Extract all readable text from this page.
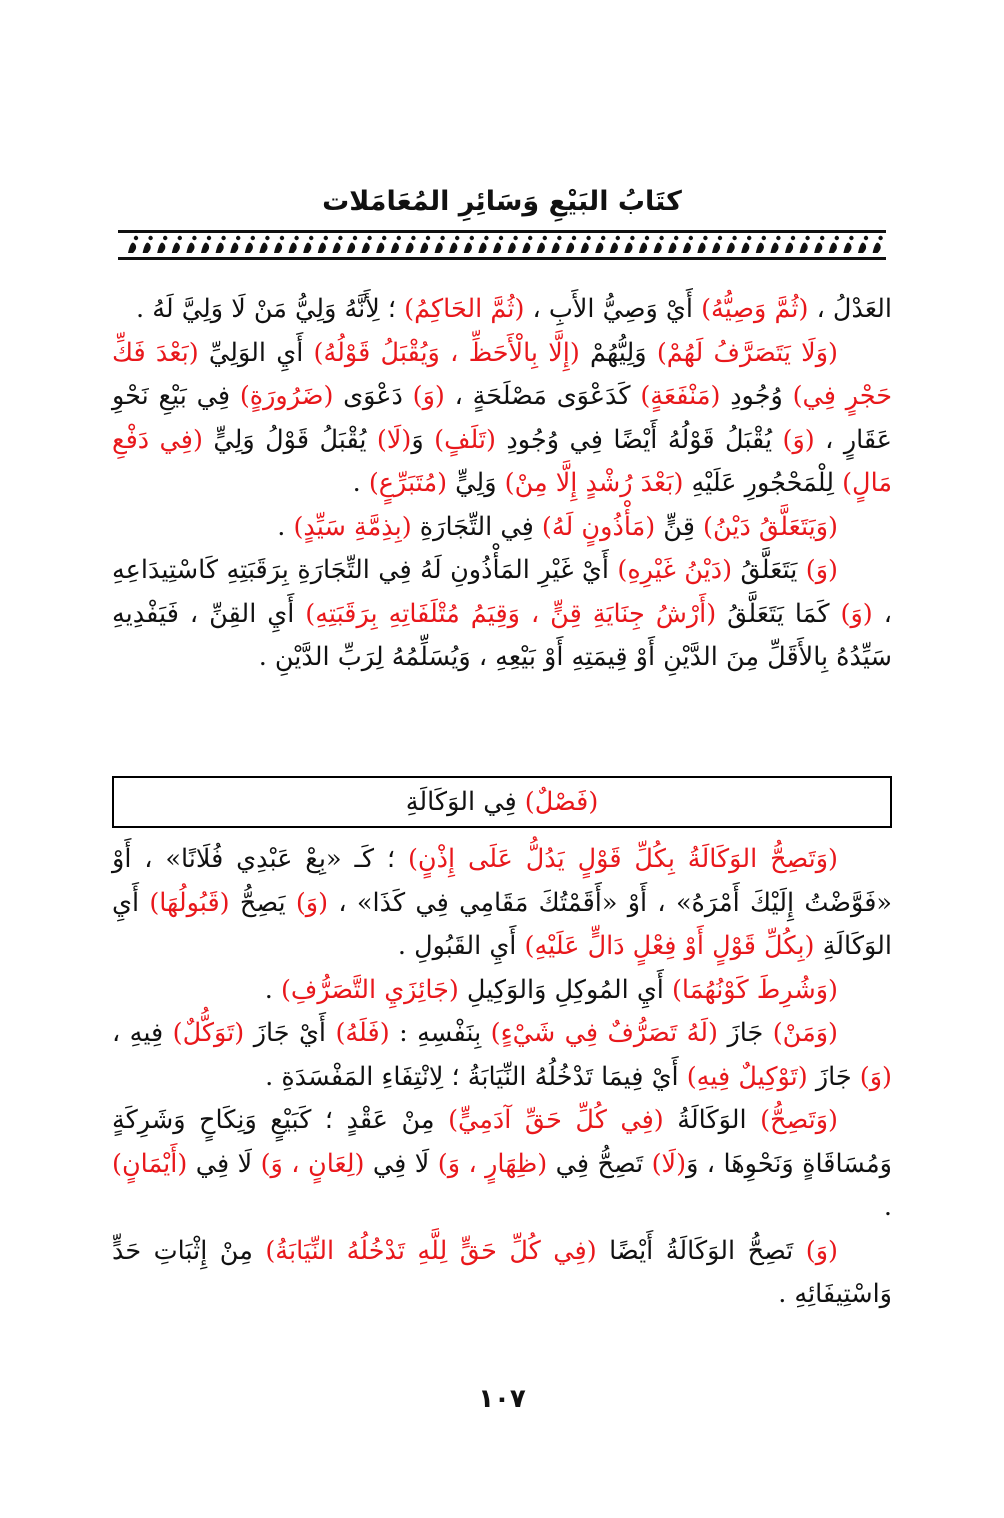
كتَابُ البَيْعِ وَسَائِرِ المُعَامَلات

العَدْلُ ، (ثُمَّ وَصِيُّهُ) أَيْ وَصِيُّ الأَبِ ، (ثُمَّ الحَاكِمُ) ؛ لِأَنَّهُ وَلِيُّ مَنْ لَا وَلِيَّ لَهُ .

(وَلَا يَتَصَرَّفُ لَهُمْ) وَلِيُّهُمْ (إِلَّا بِالْأَحَظِّ ، وَيُقْبَلُ قَوْلُهُ) أَيِ الوَلِيِّ (بَعْدَ فَكِّ حَجْرٍ فِي) وُجُودِ (مَنْفَعَةٍ) كَدَعْوَى مَصْلَحَةٍ ، (وَ) دَعْوَى (ضَرُورَةٍ) فِي بَيْعِ نَحْوِ عَقَارٍ ، (وَ) يُقْبَلُ قَوْلُهُ أَيْضًا فِي وُجُودِ (تَلَفٍ) وَ(لَا) يُقْبَلُ قَوْلُ وَلِيٍّ (فِي دَفْعِ مَالٍ) لِلْمَحْجُورِ عَلَيْهِ (بَعْدَ رُشْدٍ إِلَّا مِنْ) وَلِيٍّ (مُتَبَرِّعٍ) .

(وَيَتَعَلَّقُ دَيْنُ) قِنٍّ (مَأْذُونٍ لَهُ) فِي التِّجَارَةِ (بِذِمَّةِ سَيِّدٍ) .

(وَ) يَتَعَلَّقُ (دَيْنُ غَيْرِهِ) أَيْ غَيْرِ المَأْذُونِ لَهُ فِي التِّجَارَةِ بِرَقَبَتِهِ كَاسْتِيدَاعِهِ ، (وَ) كَمَا يَتَعَلَّقُ (أَرْشُ جِنَايَةِ قِنٍّ ، وَقِيَمُ مُتْلَفَاتِهِ بِرَقَبَتِهِ) أَيِ القِنِّ ، فَيَفْدِيهِ سَيِّدُهُ بِالأَقَلِّ مِنَ الدَّيْنِ أَوْ قِيمَتِهِ أَوْ بَيْعِهِ ، وَيُسَلِّمُهُ لِرَبِّ الدَّيْنِ .

(فَصْلٌ) فِي الوَكَالَةِ

(وَتَصِحُّ الوَكَالَةُ بِكُلِّ قَوْلٍ يَدُلُّ عَلَى إِذْنٍ) ؛ كَـ «بِعْ عَبْدِي فُلَانًا» ، أَوْ «فَوَّضْتُ إِلَيْكَ أَمْرَهُ» ، أَوْ «أَقَمْتُكَ مَقَامِي فِي كَذَا» ، (وَ) يَصِحُّ (قَبُولُهَا) أَيِ الوَكَالَةِ (بِكُلِّ قَوْلٍ أَوْ فِعْلٍ دَالٍّ عَلَيْهِ) أَيِ القَبُولِ .

(وَشُرِطَ كَوْنُهُمَا) أَيِ المُوكِلِ وَالوَكِيلِ (جَائِزَيِ التَّصَرُّفِ) .

(وَمَنْ) جَازَ (لَهُ تَصَرُّفٌ فِي شَيْءٍ) بِنَفْسِهِ : (فَلَهُ) أَيْ جَازَ (تَوَكُّلٌ) فِيهِ ، (وَ) جَازَ (تَوْكِيلٌ فِيهِ) أَيْ فِيمَا تَدْخُلُهُ النِّيَابَةُ ؛ لِانْتِفَاءِ المَفْسَدَةِ .

(وَتَصِحُّ) الوَكَالَةُ (فِي كُلِّ حَقِّ آدَمِيٍّ) مِنْ عَقْدٍ ؛ كَبَيْعٍ وَنِكَاحٍ وَشَرِكَةٍ وَمُسَاقَاةٍ وَنَحْوِهَا ، وَ(لَا) تَصِحُّ فِي (ظِهَارٍ ، وَ) لَا فِي (لِعَانٍ ، وَ) لَا فِي (أَيْمَانٍ) .

(وَ) تَصِحُّ الوَكَالَةُ أَيْضًا (فِي كُلِّ حَقٍّ لِلَّهِ تَدْخُلُهُ النِّيَابَةُ) مِنْ إِثْبَاتِ حَدٍّ وَاسْتِيفَائِهِ .

١٠٧
